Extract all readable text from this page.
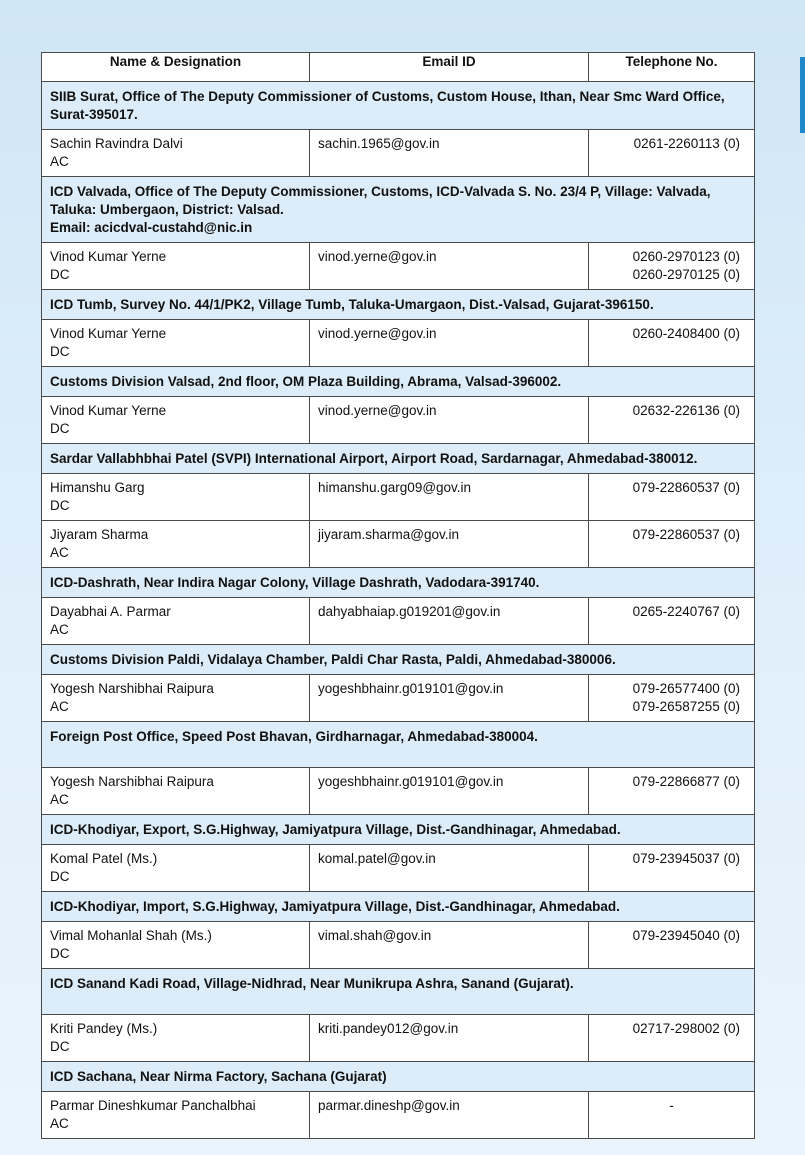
Name & Designation	Email ID	Telephone No.

SIIB Surat, Office of The Deputy Commissioner of Customs, Custom House, Ithan, Near Smc Ward Office,
Surat-395017.		

Sachin Ravindra Dalvi
AC	sachin.1965@gov.in	0261-2260113 (0)

ICD Valvada, Office of The Deputy Commissioner, Customs, ICD-Valvada S. No. 23/4 P, Village: Valvada,
Taluka: Umbergaon, District: Valsad.
Email: acicdval-custahd@nic.in		

Vinod Kumar Yerne
DC	vinod.yerne@gov.in	0260-2970123 (0)
0260-2970125 (0)

ICD Tumb, Survey No. 44/1/PK2, Village Tumb, Taluka-Umargaon, Dist.-Valsad, Gujarat-396150.		

Vinod Kumar Yerne
DC	vinod.yerne@gov.in	0260-2408400 (0)

Customs Division Valsad, 2nd floor, OM Plaza Building, Abrama, Valsad-396002.		

Vinod Kumar Yerne
DC	vinod.yerne@gov.in	02632-226136 (0)

Sardar Vallabhbhai Patel (SVPI) International Airport, Airport Road, Sardarnagar, Ahmedabad-380012.		

Himanshu Garg
DC	himanshu.garg09@gov.in	079-22860537 (0)

Jiyaram Sharma
AC	jiyaram.sharma@gov.in	079-22860537 (0)

ICD-Dashrath, Near Indira Nagar Colony, Village Dashrath, Vadodara-391740.		

Dayabhai A. Parmar
AC	dahyabhaiap.g019201@gov.in	0265-2240767 (0)

Customs Division Paldi, Vidalaya Chamber, Paldi Char Rasta, Paldi, Ahmedabad-380006.		

Yogesh Narshibhai Raipura
AC	yogeshbhainr.g019101@gov.in	079-26577400 (0)
079-26587255 (0)

Foreign Post Office, Speed Post Bhavan, Girdharnagar, Ahmedabad-380004.		

Yogesh Narshibhai Raipura
AC	yogeshbhainr.g019101@gov.in	079-22866877 (0)

ICD-Khodiyar, Export, S.G.Highway, Jamiyatpura Village, Dist.-Gandhinagar, Ahmedabad.		

Komal Patel (Ms.)
DC	komal.patel@gov.in	079-23945037 (0)

ICD-Khodiyar, Import, S.G.Highway, Jamiyatpura Village, Dist.-Gandhinagar, Ahmedabad.		

Vimal Mohanlal Shah (Ms.)
DC	vimal.shah@gov.in	079-23945040 (0)

ICD Sanand Kadi Road, Village-Nidhrad, Near Munikrupa Ashra, Sanand (Gujarat).		

Kriti Pandey (Ms.)
DC	kriti.pandey012@gov.in	02717-298002 (0)

ICD Sachana, Near Nirma Factory, Sachana (Gujarat)		

Parmar Dineshkumar Panchalbhai
AC	parmar.dineshp@gov.in	-
